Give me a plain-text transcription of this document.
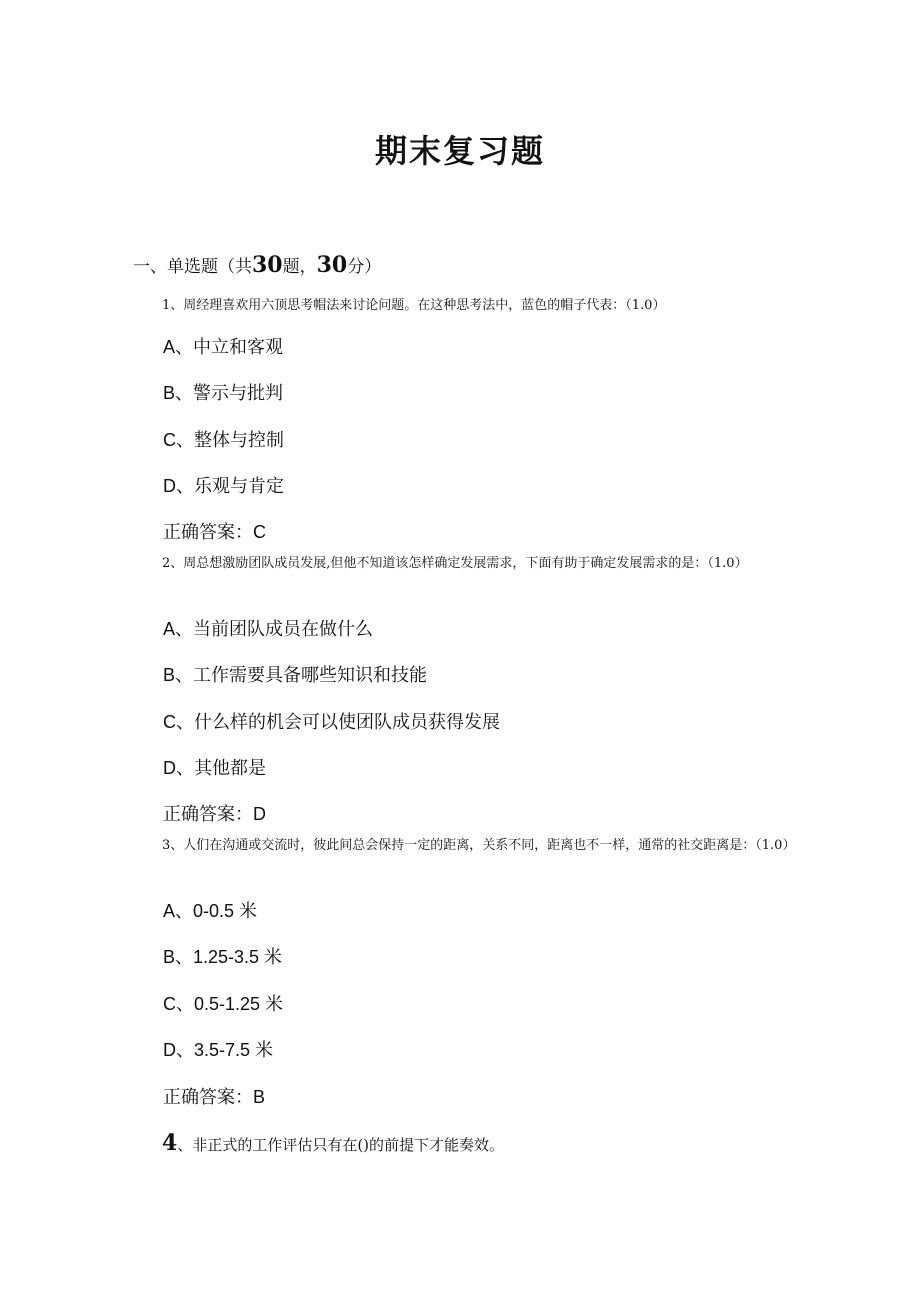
期末复习题
一、单选题（共30题，30分）
1、周经理喜欢用六顶思考帽法来讨论问题。在这种思考法中，蓝色的帽子代表：（1.0）
A、中立和客观
B、警示与批判
C、整体与控制
D、乐观与肯定
正确答案：C
2、周总想激励团队成员发展,但他不知道该怎样确定发展需求，下面有助于确定发展需求的是：（1.0）
A、当前团队成员在做什么
B、工作需要具备哪些知识和技能
C、什么样的机会可以使团队成员获得发展
D、其他都是
正确答案：D
3、人们在沟通或交流时，彼此间总会保持一定的距离，关系不同，距离也不一样，通常的社交距离是：（1.0）
A、0-0.5 米
B、1.25-3.5 米
C、0.5-1.25 米
D、3.5-7.5 米
正确答案：B
4、非正式的工作评估只有在()的前提下才能奏效。
